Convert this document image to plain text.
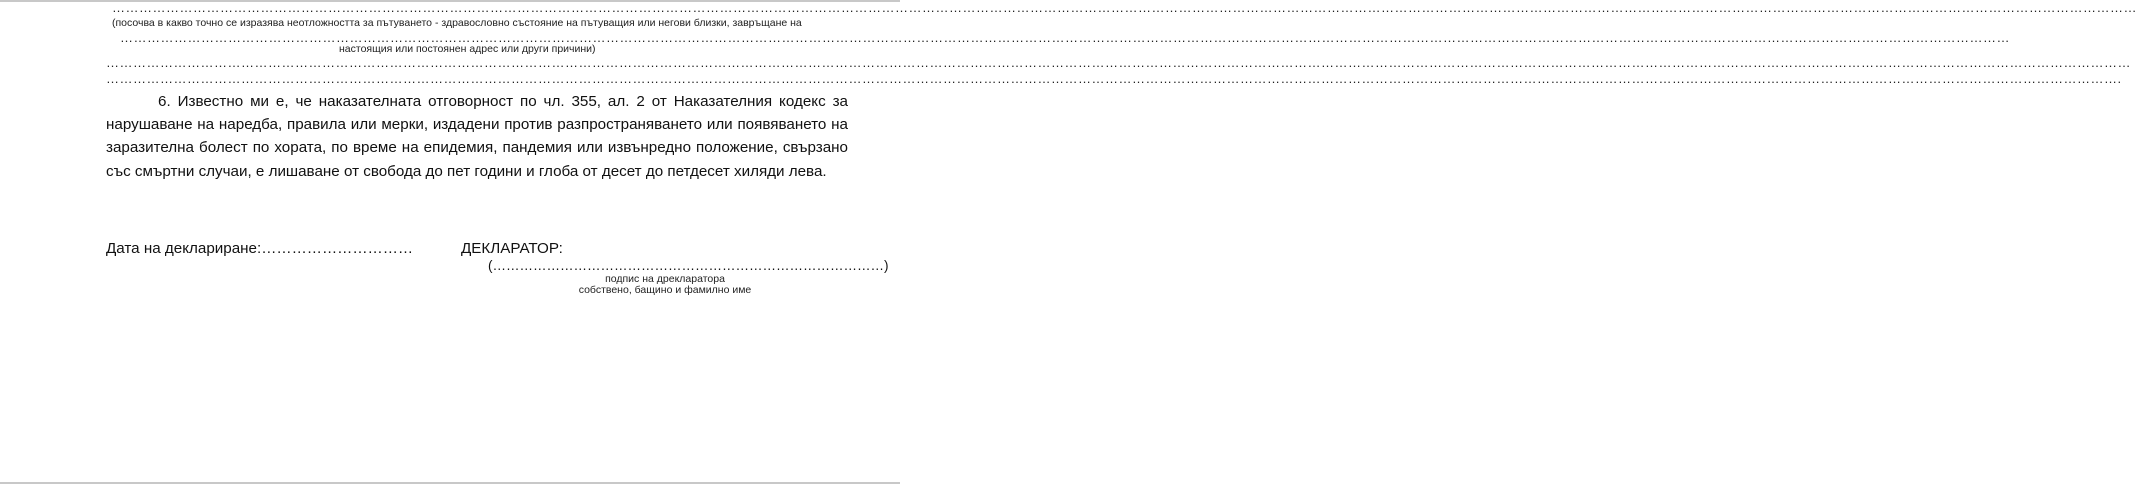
………………………………………………………………………………………………………………………………………………………………………………………………………………………………………………………………………………………………………………………………………………………………………………………………………………
(посочва в какво точно се изразява неотложността за пътуването - здравословно състояние на пътуващия или негови близки, завръщане на
……………………………………………………………………………………………………………………………………………………………………………………………………………………………………………………………………………………………………………………………………………………………………………………
настоящия или постоянен адрес или други причини)
………………………………………………………………………………………………………………………………………………………………………………………………………………………………………………………………………………………………………………………………………………………………………………………………………………
…………………………………………………………………………………………………………………………………………………………………………………………………………………………………………………………………………………………………………………………………………………………………………………………………………….
6. Известно ми е, че наказателната отговорност по чл. 355, ал. 2 от Наказателния кодекс за нарушаване на наредба, правила или мерки, издадени против разпространяването или появяването на заразителна болест по хората, по време на епидемия, пандемия или извънредно положение, свързано със смъртни случаи, е лишаване от свобода до пет години и глоба от десет до петдесет хиляди лева.
Дата на деклариране:…………………………	ДЕКЛАРАТОР:
(……………………………………………………………………………)
подпис на дрекларатора
собствено, бащино и фамилно име
